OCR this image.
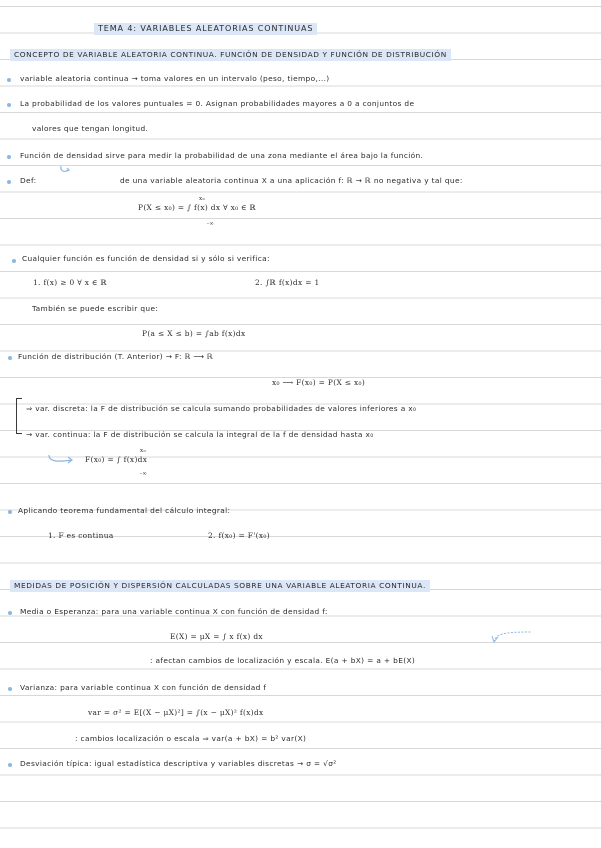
TEMA 4: VARIABLES ALEATORIAS CONTINUAS
CONCEPTO DE VARIABLE ALEATORIA CONTINUA. FUNCIÓN DE DENSIDAD Y FUNCIÓN DE DISTRIBUCIÓN
variable aleatoria continua → toma valores en un intervalo (peso, tiempo,...)
La probabilidad de los valores puntuales = 0. Asignan probabilidades mayores a 0 a conjuntos de
valores que tengan longitud.
Función de densidad sirve para medir la probabilidad de una zona mediante el área bajo la función.
Def:	de una variable aleatoria continua X a una aplicación f: ℝ → ℝ no negativa y tal que:
P(X ≤ x₀) = ∫ f(x) dx ∀ x₀ ∈ ℝ
x₀
-∞
Cualquier función es función de densidad si y sólo si verifica:
1. f(x) ≥ 0 ∀ x ∈ ℝ	2. ∫ℝ f(x)dx = 1
También se puede escribir que:
P(a ≤ X ≤ b) = ∫ab f(x)dx
Función de distribución (T. Anterior) → F: ℝ ⟶ ℝ
x₀ ⟶ F(x₀) = P(X ≤ x₀)
⇒ var. discreta: la F de distribución se calcula sumando probabilidades de valores inferiores a x₀
→ var. continua: la F de distribución se calcula la integral de la f de densidad hasta x₀
F(x₀) = ∫ f(x)dx
x₀
-∞
Aplicando teorema fundamental del cálculo integral:
1. F es continua	2. f(x₀) = F'(x₀)
MEDIDAS DE POSICIÓN Y DISPERSIÓN CALCULADAS SOBRE UNA VARIABLE ALEATORIA CONTINUA.
Media o Esperanza: para una variable continua X con función de densidad f:
E(X) = μX = ∫ x f(x) dx
: afectan cambios de localización y escala. E(a + bX) = a + bE(X)
Varianza: para variable continua X con función de densidad f
var = σ² = E[(X − μX)²] = ∫(x − μX)² f(x)dx
: cambios localización o escala ⇒ var(a + bX) = b² var(X)
Desviación típica: igual estadística descriptiva y variables discretas → σ = √σ²
